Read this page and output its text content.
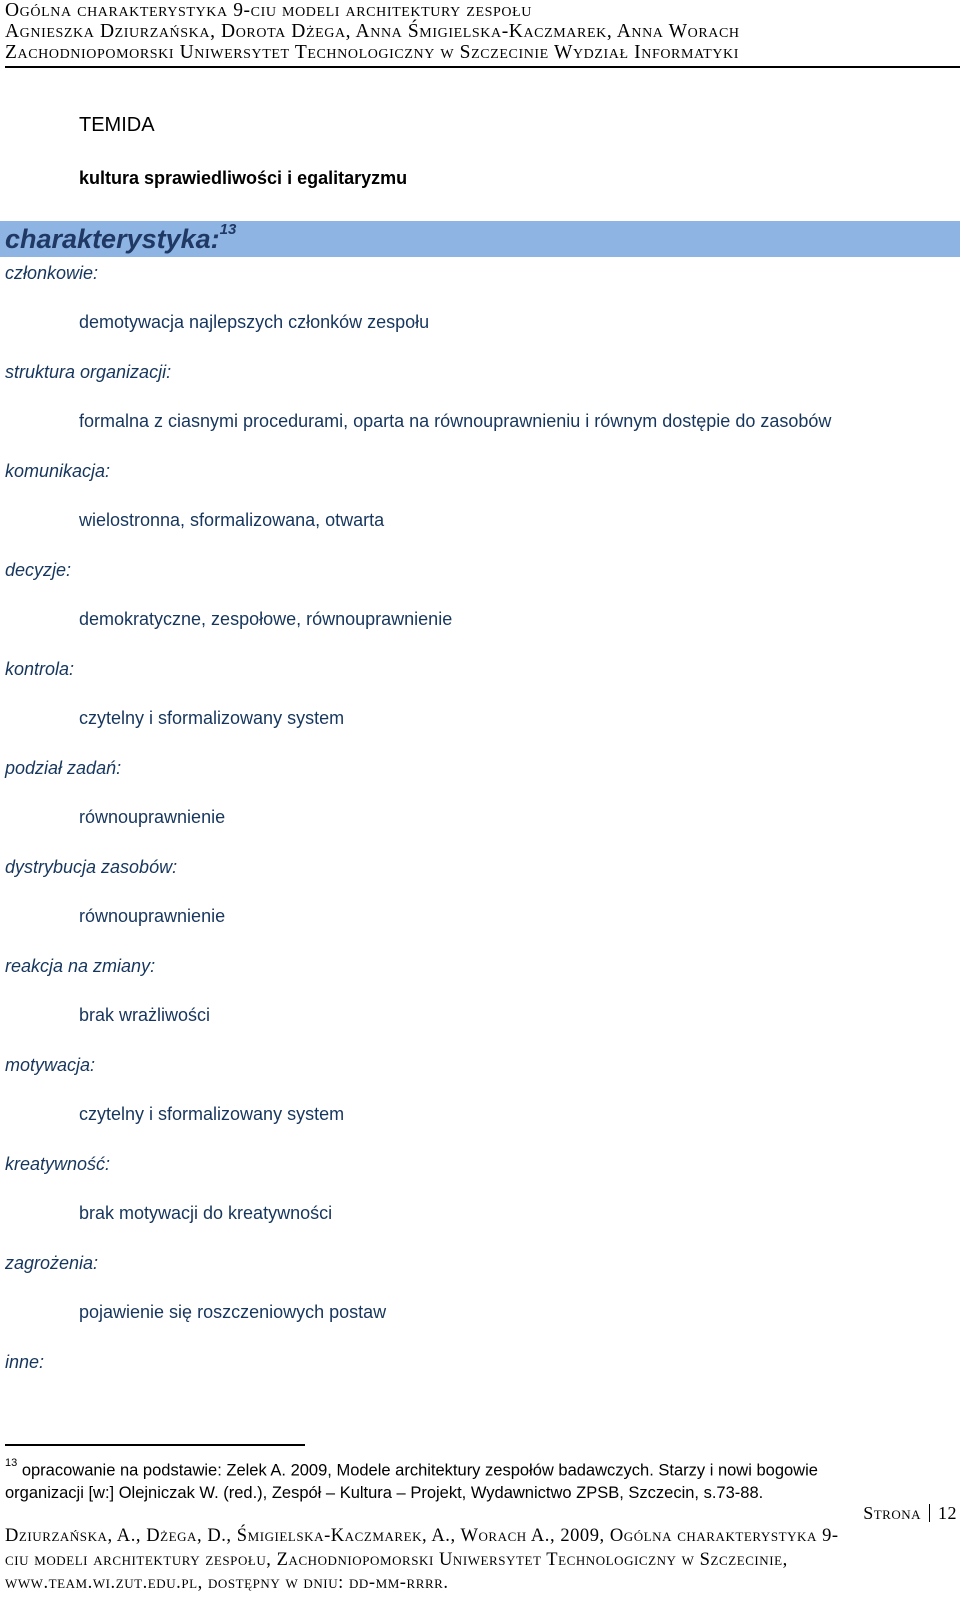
Ogólna charakterystyka 9-ciu modeli architektury zespołu
Agnieszka Dziurzańska, Dorota Dżega, Anna Śmigielska-Kaczmarek, Anna Worach
Zachodniopomorski Uniwersytet Technologiczny w Szczecinie Wydział Informatyki
TEMIDA
kultura sprawiedliwości i egalitaryzmu
charakterystyka:$^{13}$
członkowie:
demotywacja najlepszych członków zespołu
struktura organizacji:
formalna z ciasnymi procedurami, oparta na równouprawnieniu i równym dostępie do zasobów
komunikacja:
wielostronna, sformalizowana, otwarta
decyzje:
demokratyczne, zespołowe, równouprawnienie
kontrola:
czytelny i sformalizowany system
podział zadań:
równouprawnienie
dystrybucja zasobów:
równouprawnienie
reakcja na zmiany:
brak wrażliwości
motywacja:
czytelny i sformalizowany system
kreatywność:
brak motywacji do kreatywności
zagrożenia:
pojawienie się roszczeniowych postaw
inne:
$^{13}$ opracowanie na podstawie: Zelek A. 2009, Modele architektury zespołów badawczych. Starzy i nowi bogowie
organizacji [w:] Olejniczak W. (red.), Zespół – Kultura – Projekt, Wydawnictwo ZPSB, Szczecin, s.73-88.
Strona 12
Dziurzańska, A., Dżega, D., Śmigielska-Kaczmarek, A., Worach A., 2009, Ogólna charakterystyka 9-
ciu modeli architektury zespołu, Zachodniopomorski Uniwersytet Technologiczny w Szczecinie,
www.team.wi.zut.edu.pl, dostępny w dniu: dd-mm-rrrr.
